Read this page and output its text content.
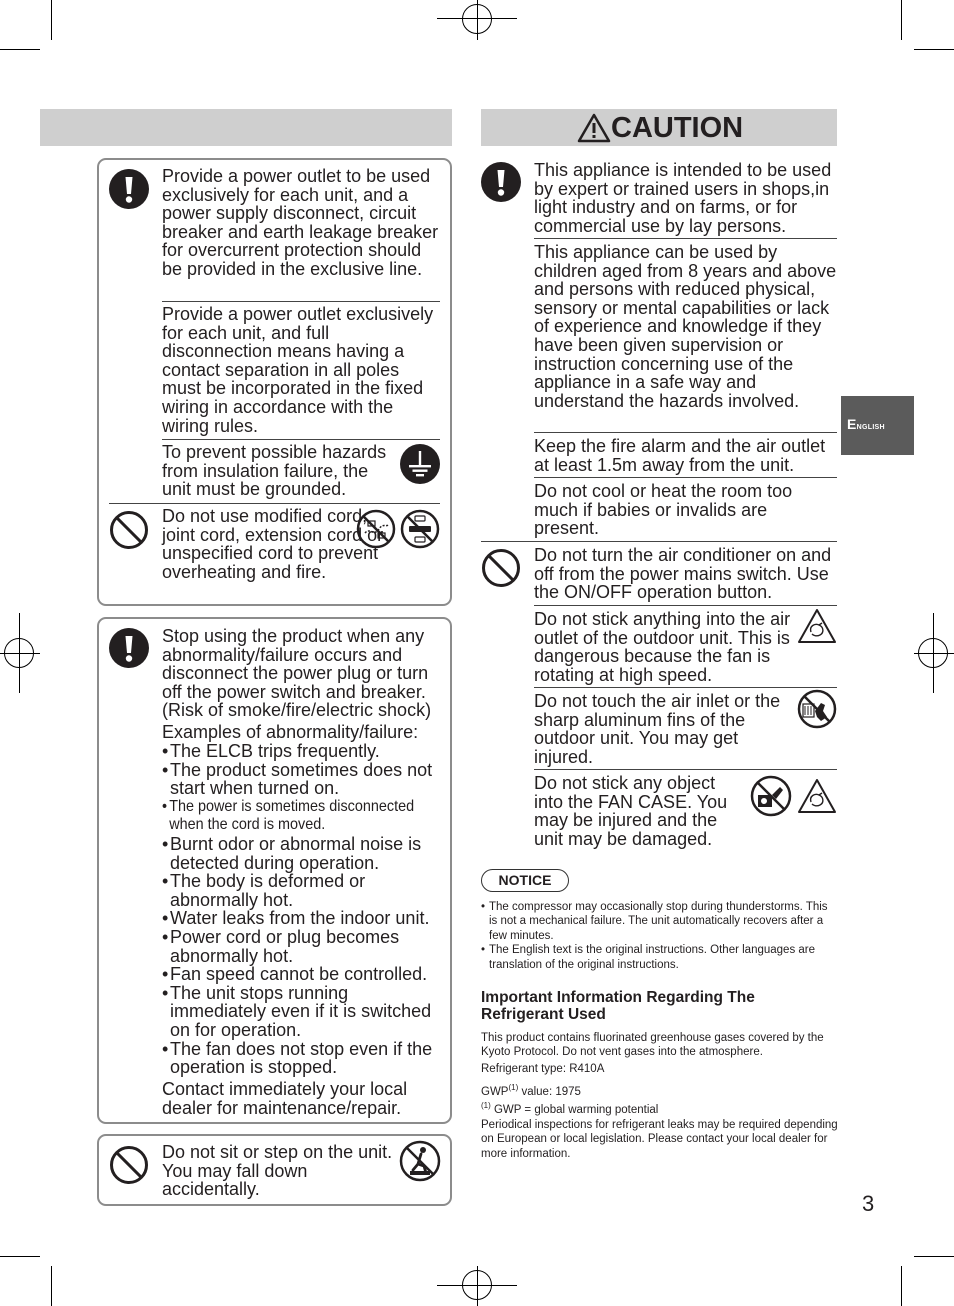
CAUTION
ENGLISH

Provide a power outlet to be used exclusively for each unit, and a power supply disconnect, circuit breaker and earth leakage breaker for overcurrent protection should be provided in the exclusive line.

Provide a power outlet exclusively for each unit, and full disconnection means having a contact separation in all poles must be incorporated in the fixed wiring in accordance with the wiring rules.

To prevent possible hazards from insulation failure, the unit must be grounded.

Do not use modified cord, joint cord, extension cord or unspecified cord to prevent overheating and fire.

Stop using the product when any abnormality/failure occurs and disconnect the power plug or turn off the power switch and breaker. (Risk of smoke/fire/electric shock)

Examples of abnormality/failure:

• The ELCB trips frequently.
• The product sometimes does not start when turned on.
• The power is sometimes disconnected when the cord is moved.
• Burnt odor or abnormal noise is detected during operation.
• The body is deformed or abnormally hot.
• Water leaks from the indoor unit.
• Power cord or plug becomes abnormally hot.
• Fan speed cannot be controlled.
• The unit stops running immediately even if it is switched on for operation.
• The fan does not stop even if the operation is stopped.

Contact immediately your local dealer for maintenance/repair.

Do not sit or step on the unit. You may fall down accidentally.

This appliance is intended to be used by expert or trained users in shops,in light industry and on farms, or for commercial use by lay persons.

This appliance can be used by children aged from 8 years and above and persons with reduced physical, sensory or mental capabilities or lack of experience and knowledge if they have been given supervision or instruction concerning use of the appliance in a safe way and understand the hazards involved.

Keep the fire alarm and the air outlet at least 1.5m away from the unit.

Do not cool or heat the room too much if babies or invalids are present.

Do not turn the air conditioner on and off from the power mains switch. Use the ON/OFF operation button.

Do not stick anything into the air outlet of the outdoor unit. This is dangerous because the fan is rotating at high speed.

Do not touch the air inlet or the sharp aluminum fins of the outdoor unit. You may get injured.

Do not stick any object into the FAN CASE. You may be injured and the unit may be damaged.

NOTICE
• The compressor may occasionally stop during thunderstorms. This is not a mechanical failure. The unit automatically recovers after a few minutes.
• The English text is the original instructions. Other languages are translation of the original instructions.

Important Information Regarding The Refrigerant Used

This product contains fluorinated greenhouse gases covered by the Kyoto Protocol. Do not vent gases into the atmosphere.

Refrigerant type: R410A

GWP$^{(1)}$ value: 1975

$^{(1)}$ GWP = global warming potential

Periodical inspections for refrigerant leaks may be required depending on European or local legislation. Please contact your local dealer for more information.

3
